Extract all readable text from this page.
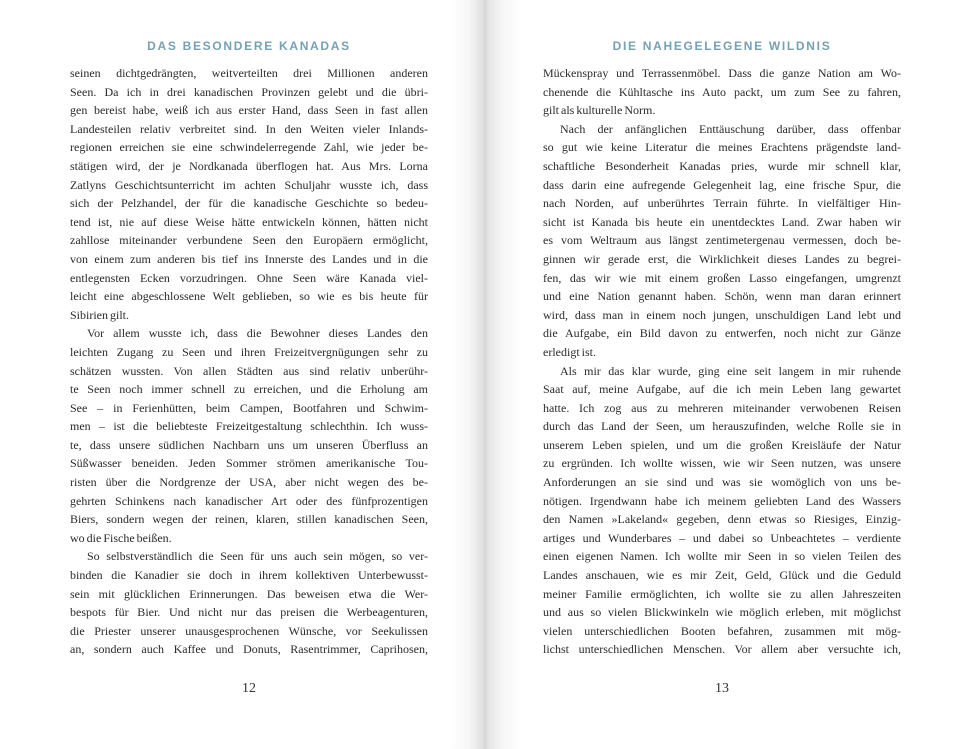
DAS BESONDERE KANADAS
seinen dichtgedrängten, weitverteilten drei Millionen anderen
Seen. Da ich in drei kanadischen Provinzen gelebt und die übri-
gen bereist habe, weiß ich aus erster Hand, dass Seen in fast allen
Landesteilen relativ verbreitet sind. In den Weiten vieler Inlands-
regionen erreichen sie eine schwindelerregende Zahl, wie jeder be-
stätigen wird, der je Nordkanada überflogen hat. Aus Mrs. Lorna
Zatlyns Geschichtsunterricht im achten Schuljahr wusste ich, dass
sich der Pelzhandel, der für die kanadische Geschichte so bedeu-
tend ist, nie auf diese Weise hätte entwickeln können, hätten nicht
zahllose miteinander verbundene Seen den Europäern ermöglicht,
von einem zum anderen bis tief ins Innerste des Landes und in die
entlegensten Ecken vorzudringen. Ohne Seen wäre Kanada viel-
leicht eine abgeschlossene Welt geblieben, so wie es bis heute für
Sibirien gilt.
Vor allem wusste ich, dass die Bewohner dieses Landes den
leichten Zugang zu Seen und ihren Freizeitvergnügungen sehr zu
schätzen wussten. Von allen Städten aus sind relativ unberühr-
te Seen noch immer schnell zu erreichen, und die Erholung am
See – in Ferienhütten, beim Campen, Bootfahren und Schwim-
men – ist die beliebteste Freizeitgestaltung schlechthin. Ich wuss-
te, dass unsere südlichen Nachbarn uns um unseren Überfluss an
Süßwasser beneiden. Jeden Sommer strömen amerikanische Tou-
risten über die Nordgrenze der USA, aber nicht wegen des be-
gehrten Schinkens nach kanadischer Art oder des fünfprozentigen
Biers, sondern wegen der reinen, klaren, stillen kanadischen Seen,
wo die Fische beißen.
So selbstverständlich die Seen für uns auch sein mögen, so ver-
binden die Kanadier sie doch in ihrem kollektiven Unterbewusst-
sein mit glücklichen Erinnerungen. Das beweisen etwa die Wer-
bespots für Bier. Und nicht nur das preisen die Werbeagenturen,
die Priester unserer unausgesprochenen Wünsche, vor Seekulissen
an, sondern auch Kaffee und Donuts, Rasentrimmer, Caprihosen,
12
DIE NAHEGELEGENE WILDNIS
Mückenspray und Terrassenmöbel. Dass die ganze Nation am Wo-
chenende die Kühltasche ins Auto packt, um zum See zu fahren,
gilt als kulturelle Norm.
Nach der anfänglichen Enttäuschung darüber, dass offenbar
so gut wie keine Literatur die meines Erachtens prägendste land-
schaftliche Besonderheit Kanadas pries, wurde mir schnell klar,
dass darin eine aufregende Gelegenheit lag, eine frische Spur, die
nach Norden, auf unberührtes Terrain führte. In vielfältiger Hin-
sicht ist Kanada bis heute ein unentdecktes Land. Zwar haben wir
es vom Weltraum aus längst zentimetergenau vermessen, doch be-
ginnen wir gerade erst, die Wirklichkeit dieses Landes zu begrei-
fen, das wir wie mit einem großen Lasso eingefangen, umgrenzt
und eine Nation genannt haben. Schön, wenn man daran erinnert
wird, dass man in einem noch jungen, unschuldigen Land lebt und
die Aufgabe, ein Bild davon zu entwerfen, noch nicht zur Gänze
erledigt ist.
Als mir das klar wurde, ging eine seit langem in mir ruhende
Saat auf, meine Aufgabe, auf die ich mein Leben lang gewartet
hatte. Ich zog aus zu mehreren miteinander verwobenen Reisen
durch das Land der Seen, um herauszufinden, welche Rolle sie in
unserem Leben spielen, und um die großen Kreisläufe der Natur
zu ergründen. Ich wollte wissen, wie wir Seen nutzen, was unsere
Anforderungen an sie sind und was sie womöglich von uns be-
nötigen. Irgendwann habe ich meinem geliebten Land des Wassers
den Namen »Lakeland« gegeben, denn etwas so Riesiges, Einzig-
artiges und Wunderbares – und dabei so Unbeachtetes – verdiente
einen eigenen Namen. Ich wollte mir Seen in so vielen Teilen des
Landes anschauen, wie es mir Zeit, Geld, Glück und die Geduld
meiner Familie ermöglichten, ich wollte sie zu allen Jahreszeiten
und aus so vielen Blickwinkeln wie möglich erleben, mit möglichst
vielen unterschiedlichen Booten befahren, zusammen mit mög-
lichst unterschiedlichen Menschen. Vor allem aber versuchte ich,
13
